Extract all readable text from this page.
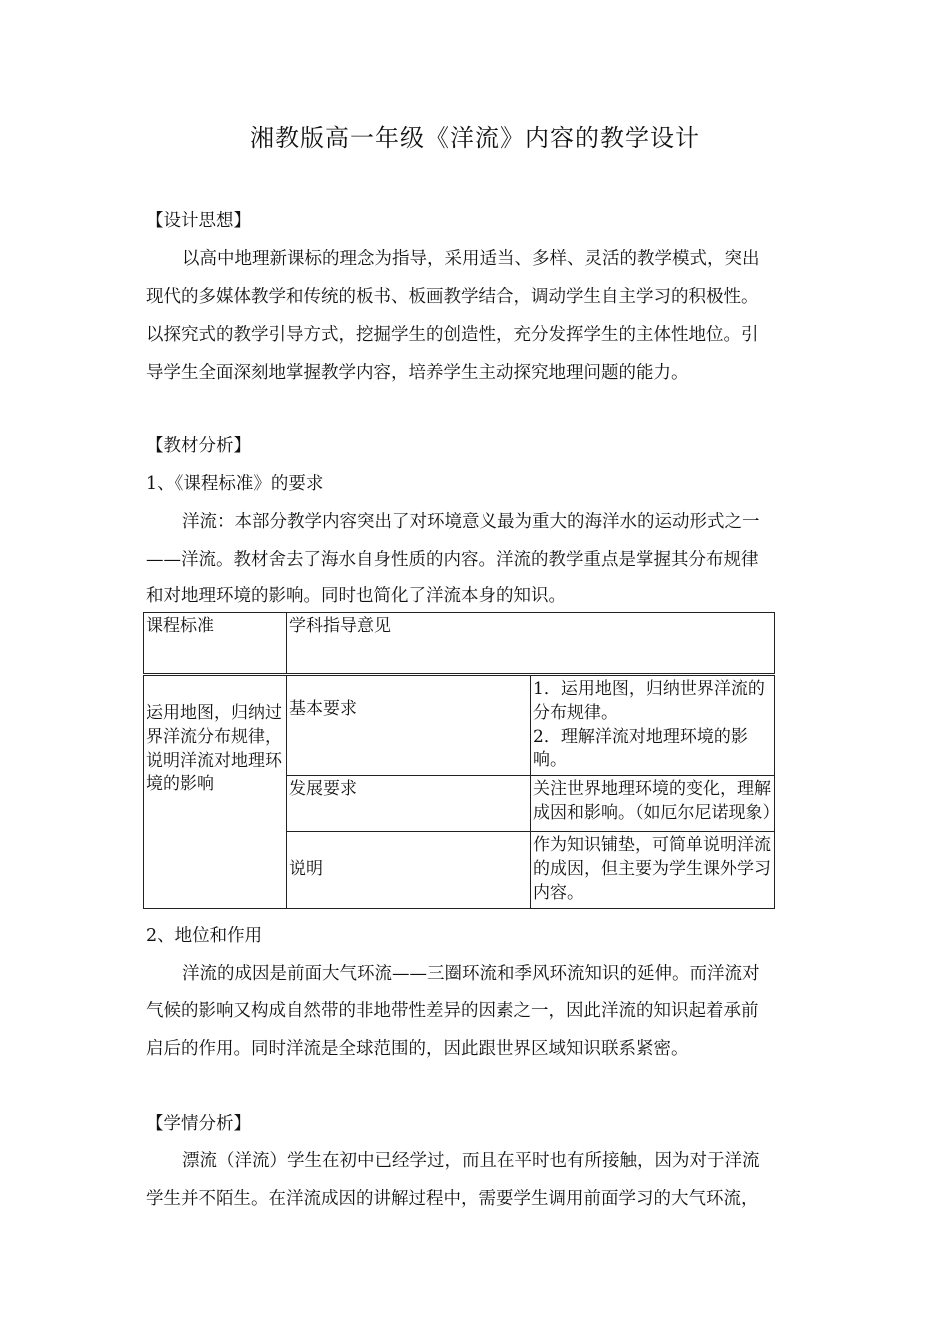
湘教版高一年级《洋流》内容的教学设计
【设计思想】
以高中地理新课标的理念为指导，采用适当、多样、灵活的教学模式，突出
现代的多媒体教学和传统的板书、板画教学结合，调动学生自主学习的积极性。
以探究式的教学引导方式，挖掘学生的创造性，充分发挥学生的主体性地位。引
导学生全面深刻地掌握教学内容，培养学生主动探究地理问题的能力。
【教材分析】
1、《课程标准》的要求
洋流：本部分教学内容突出了对环境意义最为重大的海洋水的运动形式之一
——洋流。教材舍去了海水自身性质的内容。洋流的教学重点是掌握其分布规律
和对地理环境的影响。同时也简化了洋流本身的知识。
课程标准	学科指导意见	
运用地图，归纳过界洋流分布规律，说明洋流对地理环境的影响	基本要求	1．运用地图，归纳世界洋流的分布规律。
2．理解洋流对地理环境的影响。
	发展要求	关注世界地理环境的变化，理解成因和影响。（如厄尔尼诺现象）
	说明	作为知识铺垫，可简单说明洋流的成因，但主要为学生课外学习内容。
2、地位和作用
洋流的成因是前面大气环流——三圈环流和季风环流知识的延伸。而洋流对
气候的影响又构成自然带的非地带性差异的因素之一，因此洋流的知识起着承前
启后的作用。同时洋流是全球范围的，因此跟世界区域知识联系紧密。
【学情分析】
漂流（洋流）学生在初中已经学过，而且在平时也有所接触，因为对于洋流
学生并不陌生。在洋流成因的讲解过程中，需要学生调用前面学习的大气环流，
